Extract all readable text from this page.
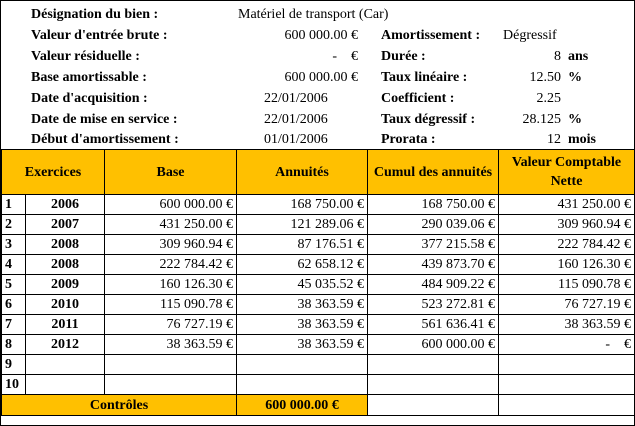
Désignation du bien :	Matériel de transport (Car)
Valeur d'entrée brute :	600 000.00 €
Valeur résiduelle :	-    €
Base amortissable :	600 000.00 €
Date d'acquisition :	22/01/2006
Date de mise en service :	22/01/2006
Début d'amortissement :	01/01/2006
Amortissement : Dégressif
Durée :	8 ans
Taux linéaire :	12.50 %
Coefficient :	2.25
Taux dégressif :	28.125 %
Prorata :	12 mois
Exercices		Base	Annuités	Cumul des annuités	Valeur Comptable Nette
1	2006	600 000.00 €	168 750.00 €	168 750.00 €	431 250.00 €
2	2007	431 250.00 €	121 289.06 €	290 039.06 €	309 960.94 €
3	2008	309 960.94 €	87 176.51 €	377 215.58 €	222 784.42 €
4	2008	222 784.42 €	62 658.12 €	439 873.70 €	160 126.30 €
5	2009	160 126.30 €	45 035.52 €	484 909.22 €	115 090.78 €
6	2010	115 090.78 €	38 363.59 €	523 272.81 €	76 727.19 €
7	2011	76 727.19 €	38 363.59 €	561 636.41 €	38 363.59 €
8	2012	38 363.59 €	38 363.59 €	600 000.00 €	-    €
9					
10					
Contrôles			600 000.00 €		
